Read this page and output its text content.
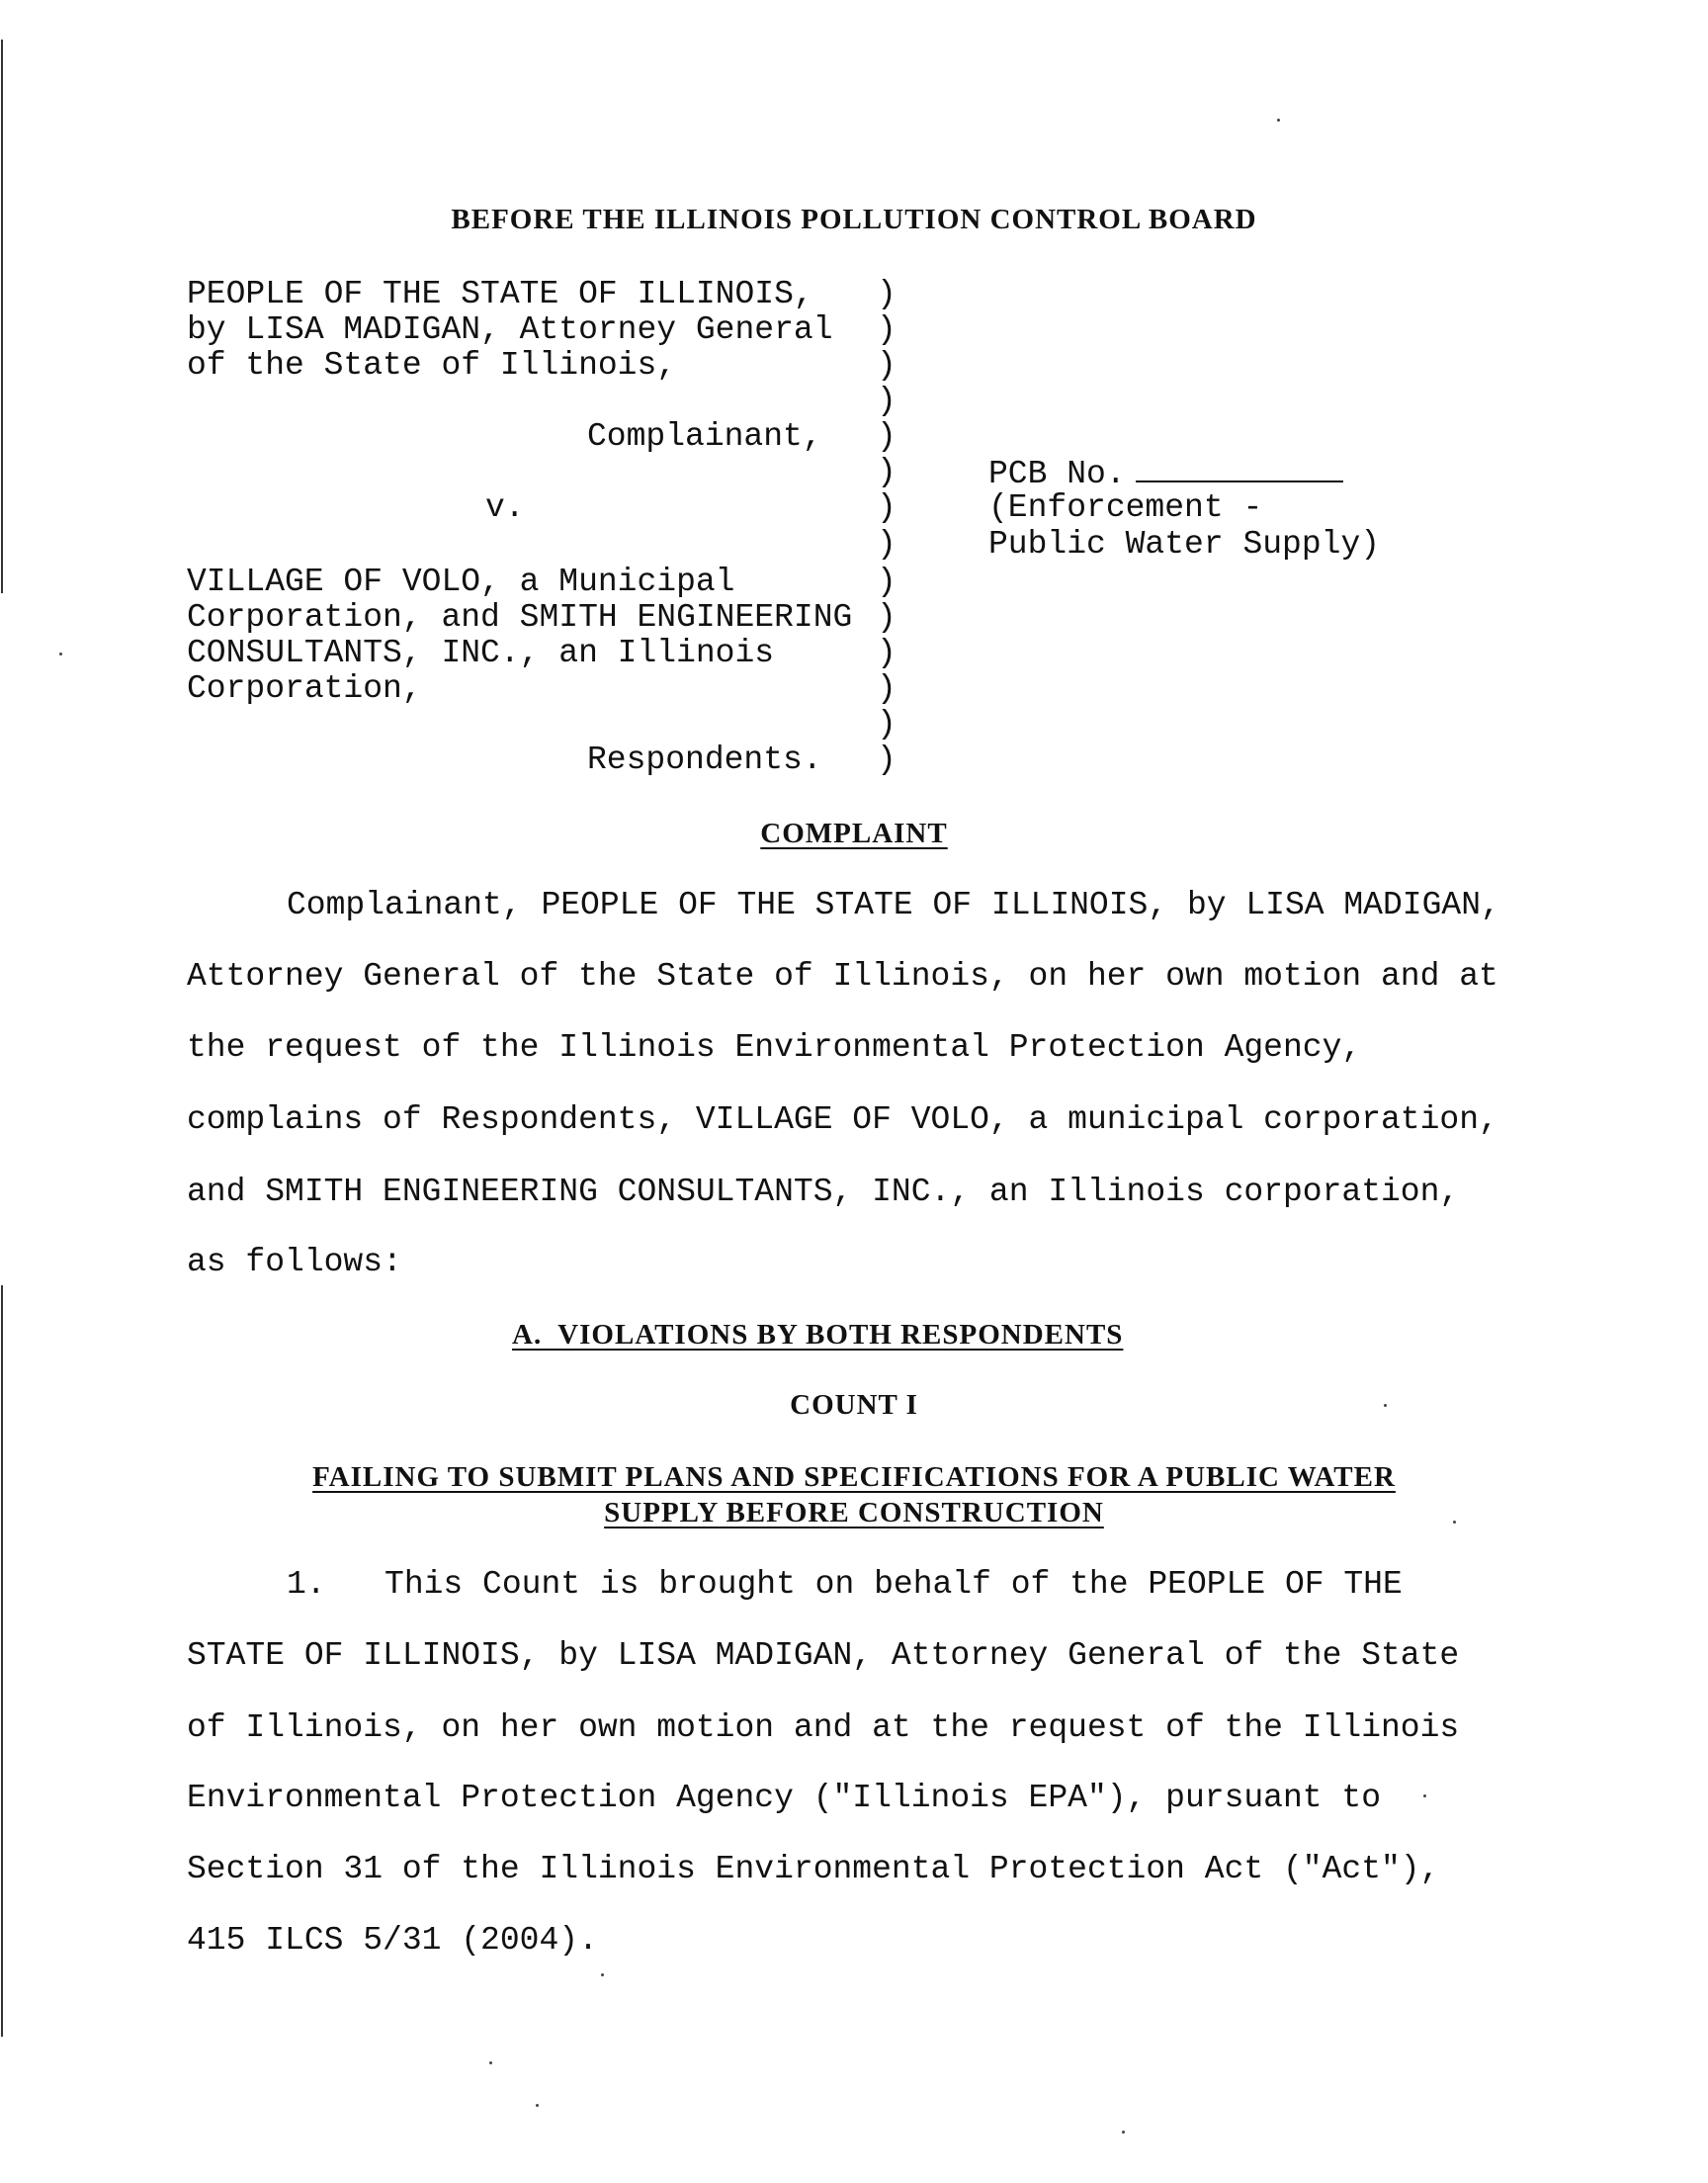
BEFORE THE ILLINOIS POLLUTION CONTROL BOARD
PEOPLE OF THE STATE OF ILLINOIS,
by LISA MADIGAN, Attorney General
of the State of Illinois,
Complainant,
v.
VILLAGE OF VOLO, a Municipal
Corporation, and SMITH ENGINEERING
CONSULTANTS, INC., an Illinois
Corporation,
Respondents.
)
)
)
)
)
)
)
)
)
)
)
)
)
)
PCB No.
(Enforcement -
Public Water Supply)
COMPLAINT
Complainant, PEOPLE OF THE STATE OF ILLINOIS, by LISA MADIGAN,
Attorney General of the State of Illinois, on her own motion and at
the request of the Illinois Environmental Protection Agency,
complains of Respondents, VILLAGE OF VOLO, a municipal corporation,
and SMITH ENGINEERING CONSULTANTS, INC., an Illinois corporation,
as follows:
A.  VIOLATIONS BY BOTH RESPONDENTS
COUNT I
FAILING TO SUBMIT PLANS AND SPECIFICATIONS FOR A PUBLIC WATER
SUPPLY BEFORE CONSTRUCTION
1.   This Count is brought on behalf of the PEOPLE OF THE
STATE OF ILLINOIS, by LISA MADIGAN, Attorney General of the State
of Illinois, on her own motion and at the request of the Illinois
Environmental Protection Agency ("Illinois EPA"), pursuant to
Section 31 of the Illinois Environmental Protection Act ("Act"),
415 ILCS 5/31 (2004).
